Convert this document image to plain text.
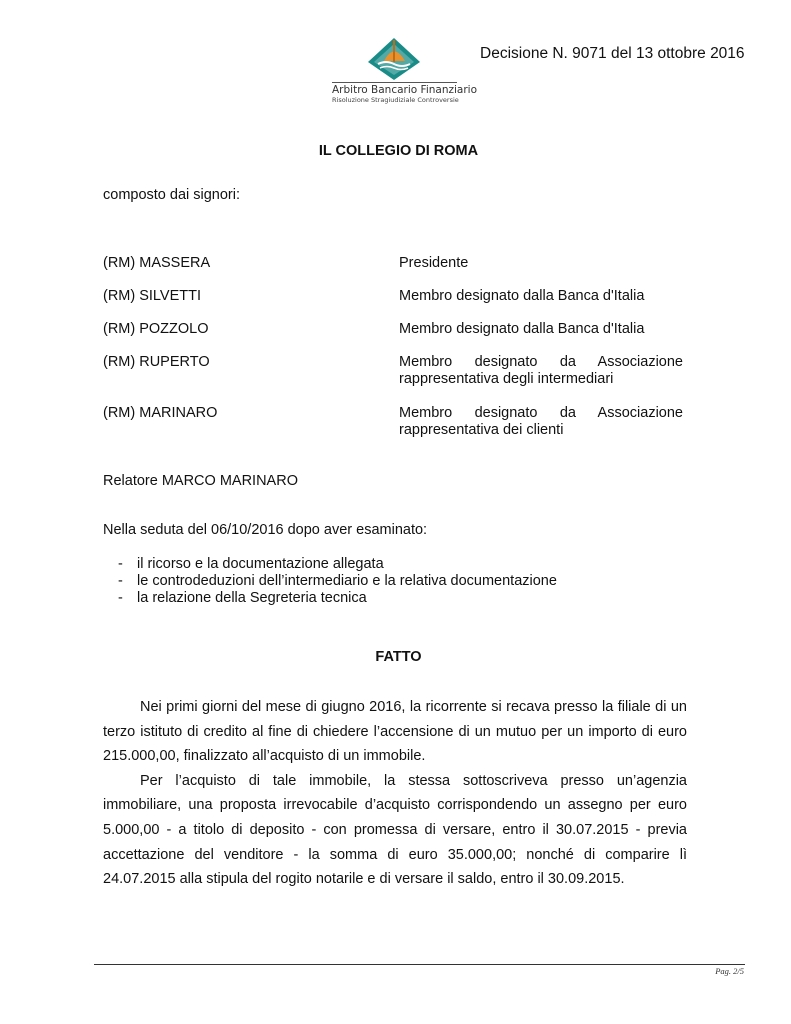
Arbitro Bancario Finanziario
Risoluzione Stragiudiziale Controversie
Decisione N. 9071 del 13 ottobre 2016
IL COLLEGIO DI ROMA
composto dai signori:
(RM) MASSERA	Presidente
(RM) SILVETTI	Membro designato dalla Banca d'Italia
(RM) POZZOLO	Membro designato dalla Banca d'Italia
(RM) RUPERTO	Membro designato da Associazione rappresentativa degli intermediari
(RM) MARINARO	Membro designato da Associazione rappresentativa dei clienti
Relatore MARCO MARINARO
Nella seduta del 06/10/2016 dopo aver esaminato:
- il ricorso e la documentazione allegata
- le controdeduzioni dell’intermediario e la relativa documentazione
- la relazione della Segreteria tecnica
FATTO

Nei primi giorni del mese di giugno 2016, la ricorrente si recava presso la filiale di un terzo istituto di credito al fine di chiedere l’accensione di un mutuo per un importo di euro 215.000,00, finalizzato all’acquisto di un immobile.

Per l’acquisto di tale immobile, la stessa sottoscriveva presso un’agenzia immobiliare, una proposta irrevocabile d’acquisto corrispondendo un assegno per euro 5.000,00 - a titolo di deposito - con promessa di versare, entro il 30.07.2015 - previa accettazione del venditore - la somma di euro 35.000,00; nonché di comparire lì 24.07.2015 alla stipula del rogito notarile e di versare il saldo, entro il 30.09.2015.

Pag. 2/5
